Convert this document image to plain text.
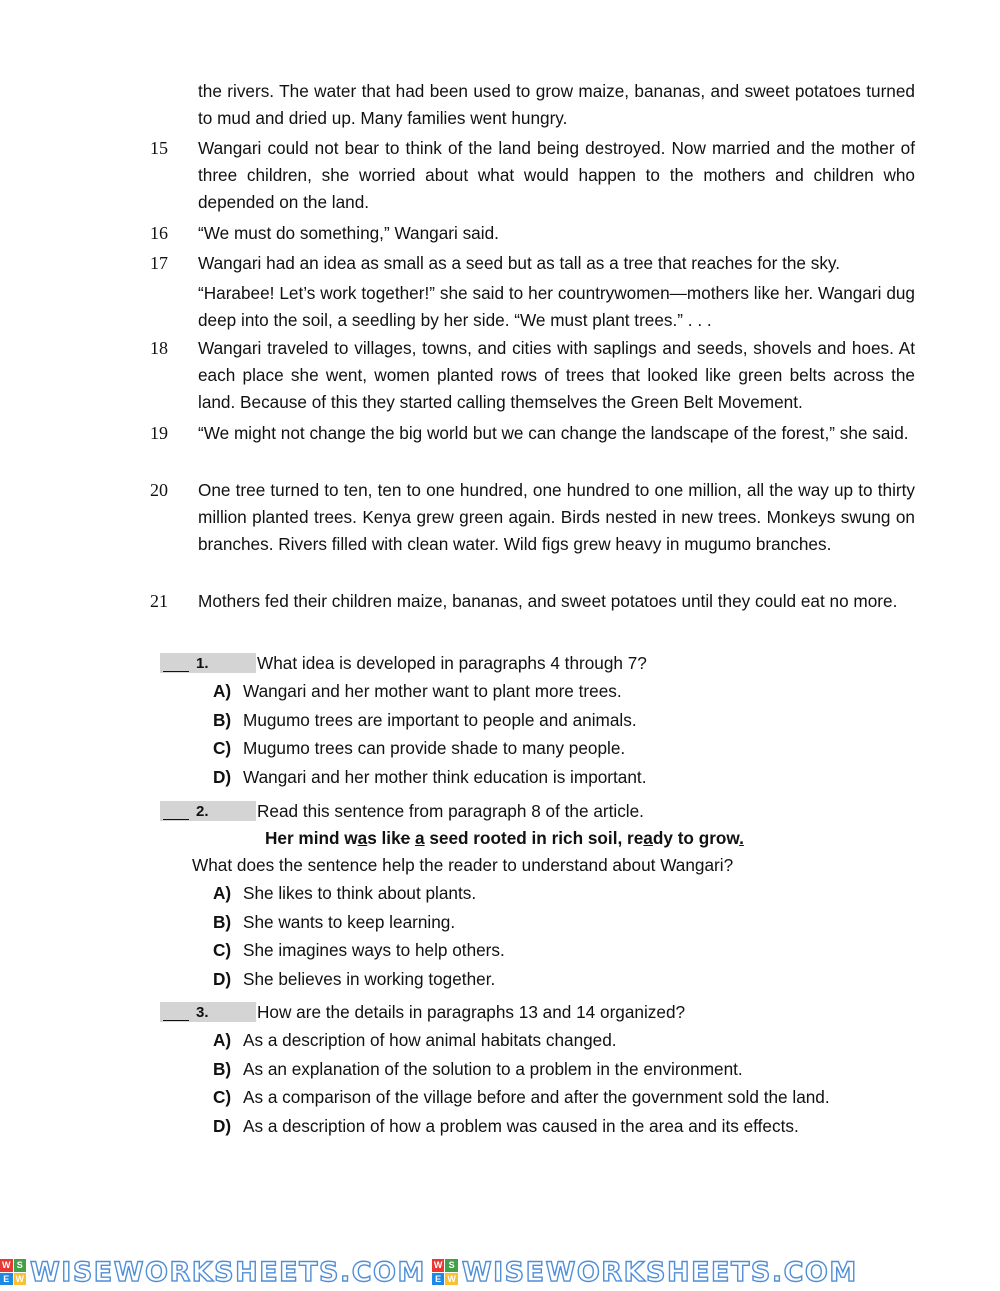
the rivers. The water that had been used to grow maize, bananas, and sweet potatoes turned to mud and dried up. Many families went hungry.
15	Wangari could not bear to think of the land being destroyed. Now married and the mother of three children, she worried about what would happen to the mothers and children who depended on the land.
16	“We must do something,” Wangari said.
17	Wangari had an idea as small as a seed but as tall as a tree that reaches for the sky.
“Harabee! Let’s work together!” she said to her countrywomen—mothers like her. Wangari dug deep into the soil, a seedling by her side. “We must plant trees.” . . .
18	Wangari traveled to villages, towns, and cities with saplings and seeds, shovels and hoes. At each place she went, women planted rows of trees that looked like green belts across the land. Because of this they started calling themselves the Green Belt Movement.
19	“We might not change the big world but we can change the landscape of the forest,” she said.
20	One tree turned to ten, ten to one hundred, one hundred to one million, all the way up to thirty million planted trees. Kenya grew green again. Birds nested in new trees. Monkeys swung on branches. Rivers filled with clean water. Wild figs grew heavy in mugumo branches.
21	Mothers fed their children maize, bananas, and sweet potatoes until they could eat no more.
1.	What idea is developed in paragraphs 4 through 7?
A) Wangari and her mother want to plant more trees.
B) Mugumo trees are important to people and animals.
C) Mugumo trees can provide shade to many people.
D) Wangari and her mother think education is important.
2.	Read this sentence from paragraph 8 of the article.
Her mind was like a seed rooted in rich soil, ready to grow.
What does the sentence help the reader to understand about Wangari?
A) She likes to think about plants.
B) She wants to keep learning.
C) She imagines ways to help others.
D) She believes in working together.
3.	How are the details in paragraphs 13 and 14 organized?
A) As a description of how animal habitats changed.
B) As an explanation of the solution to a problem in the environment.
C) As a comparison of the village before and after the government sold the land.
D) As a description of how a problem was caused in the area and its effects.
W S
E W WISEWORKSHEETS.COM W S
E W WISEWORKSHEETS.COM
